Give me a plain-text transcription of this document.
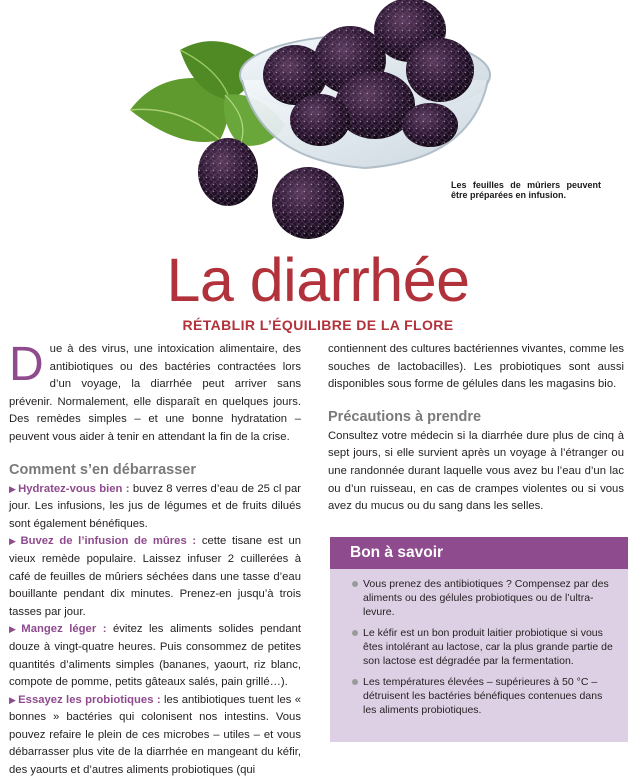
Les feuilles de mûriers peuvent être préparées en infusion.

La diarrhée
RÉTABLIR L’ÉQUILIBRE DE LA FLORE

Due à des virus, une intoxication alimentaire, des antibiotiques ou des bactéries contractées lors d’un voyage, la diarrhée peut arriver sans prévenir. Normalement, elle disparaît en quelques jours. Des remèdes simples – et une bonne hydratation – peuvent vous aider à tenir en attendant la fin de la crise.

Comment s’en débarrasser

▶ Hydratez-vous bien : buvez 8 verres d’eau de 25 cl par jour. Les infusions, les jus de légumes et de fruits dilués sont également bénéfiques.

▶ Buvez de l’infusion de mûres : cette tisane est un vieux remède populaire. Laissez infuser 2 cuillerées à café de feuilles de mûriers séchées dans une tasse d’eau bouillante pendant dix minutes. Prenez-en jusqu’à trois tasses par jour.

▶ Mangez léger : évitez les aliments solides pendant douze à vingt-quatre heures. Puis consommez de petites quantités d’aliments simples (bananes, yaourt, riz blanc, compote de pomme, petits gâteaux salés, pain grillé…).

▶ Essayez les probiotiques : les antibiotiques tuent les « bonnes » bactéries qui colonisent nos intestins. Vous pouvez refaire le plein de ces microbes – utiles – et vous débarrasser plus vite de la diarrhée en mangeant du kéfir, des yaourts et d’autres aliments probiotiques (qui

contiennent des cultures bactériennes vivantes, comme les souches de lactobacilles). Les probiotiques sont aussi disponibles sous forme de gélules dans les magasins bio.

Précautions à prendre

Consultez votre médecin si la diarrhée dure plus de cinq à sept jours, si elle survient après un voyage à l’étranger ou une randonnée durant laquelle vous avez bu l’eau d’un lac ou d’un ruisseau, en cas de crampes violentes ou si vous avez du mucus ou du sang dans les selles.

Bon à savoir
Vous prenez des antibiotiques ? Compensez par des aliments ou des gélules probiotiques ou de l’ultra-levure.
Le kéfir est un bon produit laitier probiotique si vous êtes intolérant au lactose, car la plus grande partie de son lactose est dégradée par la fermentation.
Les températures élevées – supérieures à 50 °C – détruisent les bactéries bénéfiques contenues dans les aliments probiotiques.
